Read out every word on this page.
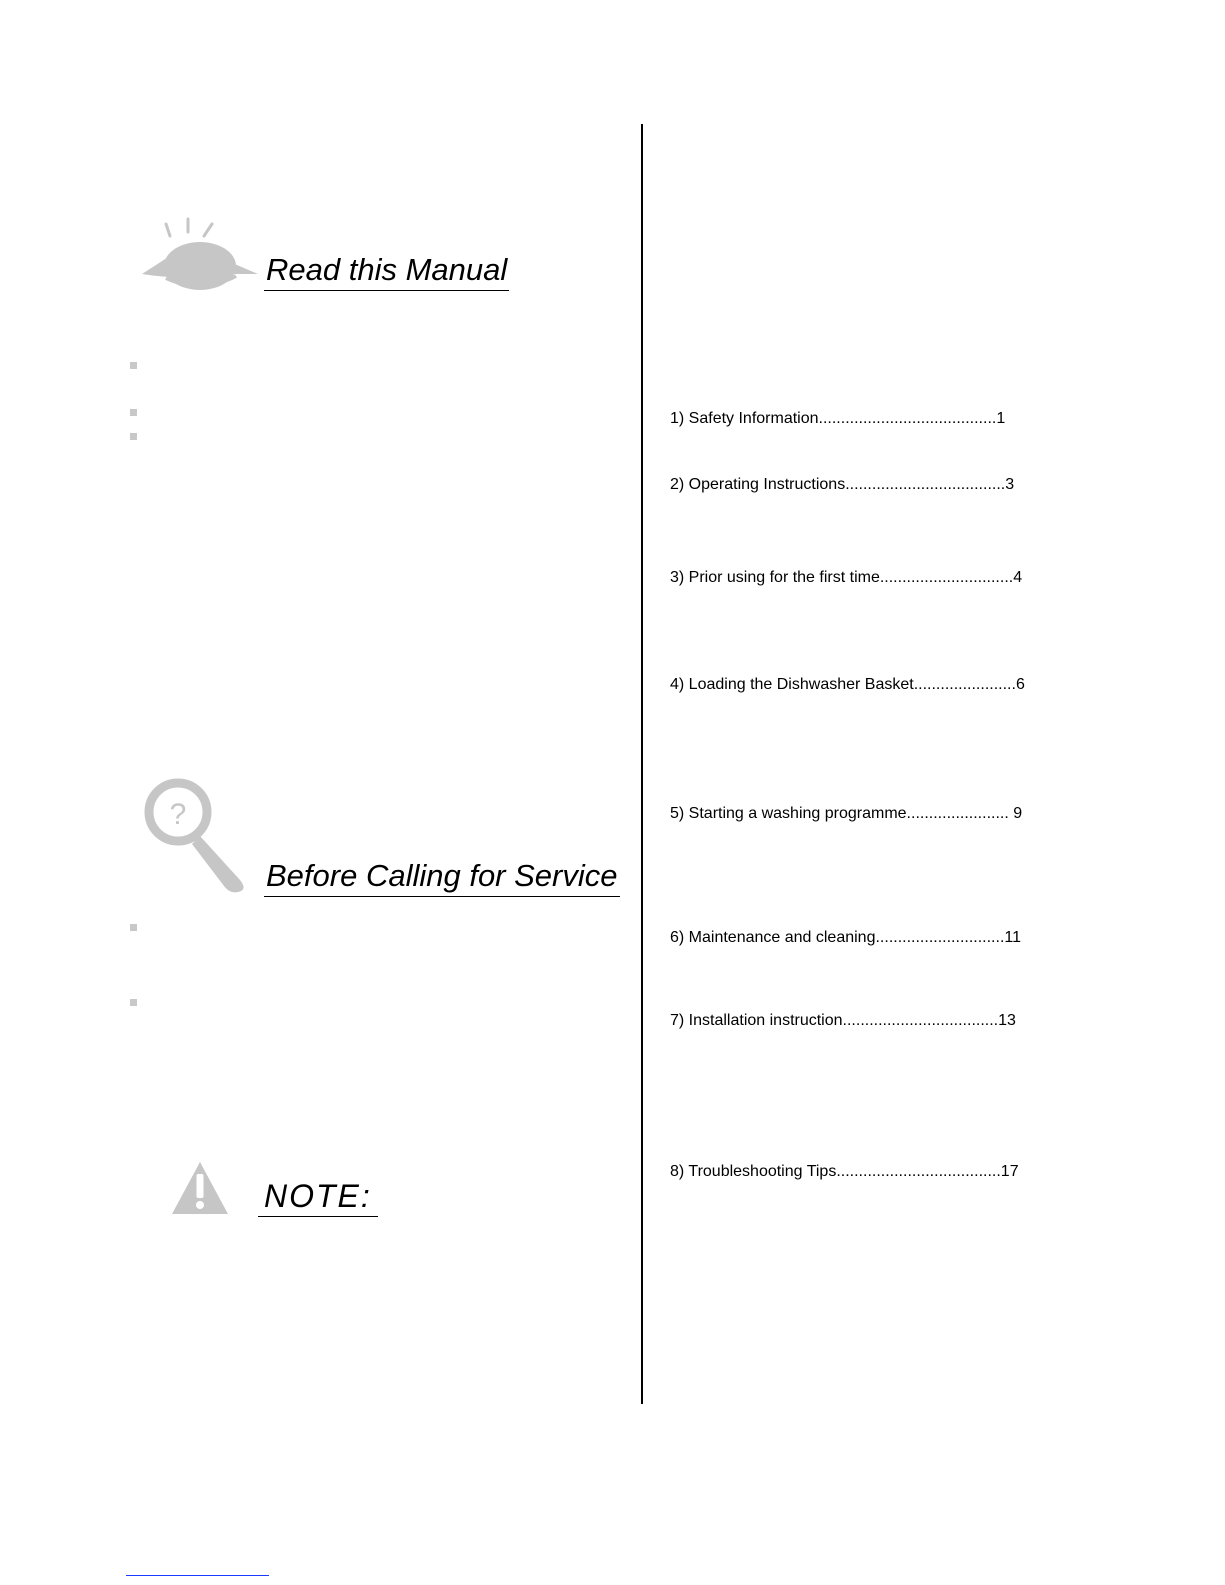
Read this Manual
?
Before Calling for Service
NOTE:
1) Safety Information........................................1
2) Operating Instructions....................................3
3) Prior using for the first time..............................4
4) Loading the Dishwasher Basket.......................6
5) Starting a washing programme....................... 9
6) Maintenance and cleaning.............................11
7) Installation instruction...................................13
8) Troubleshooting Tips.....................................17
